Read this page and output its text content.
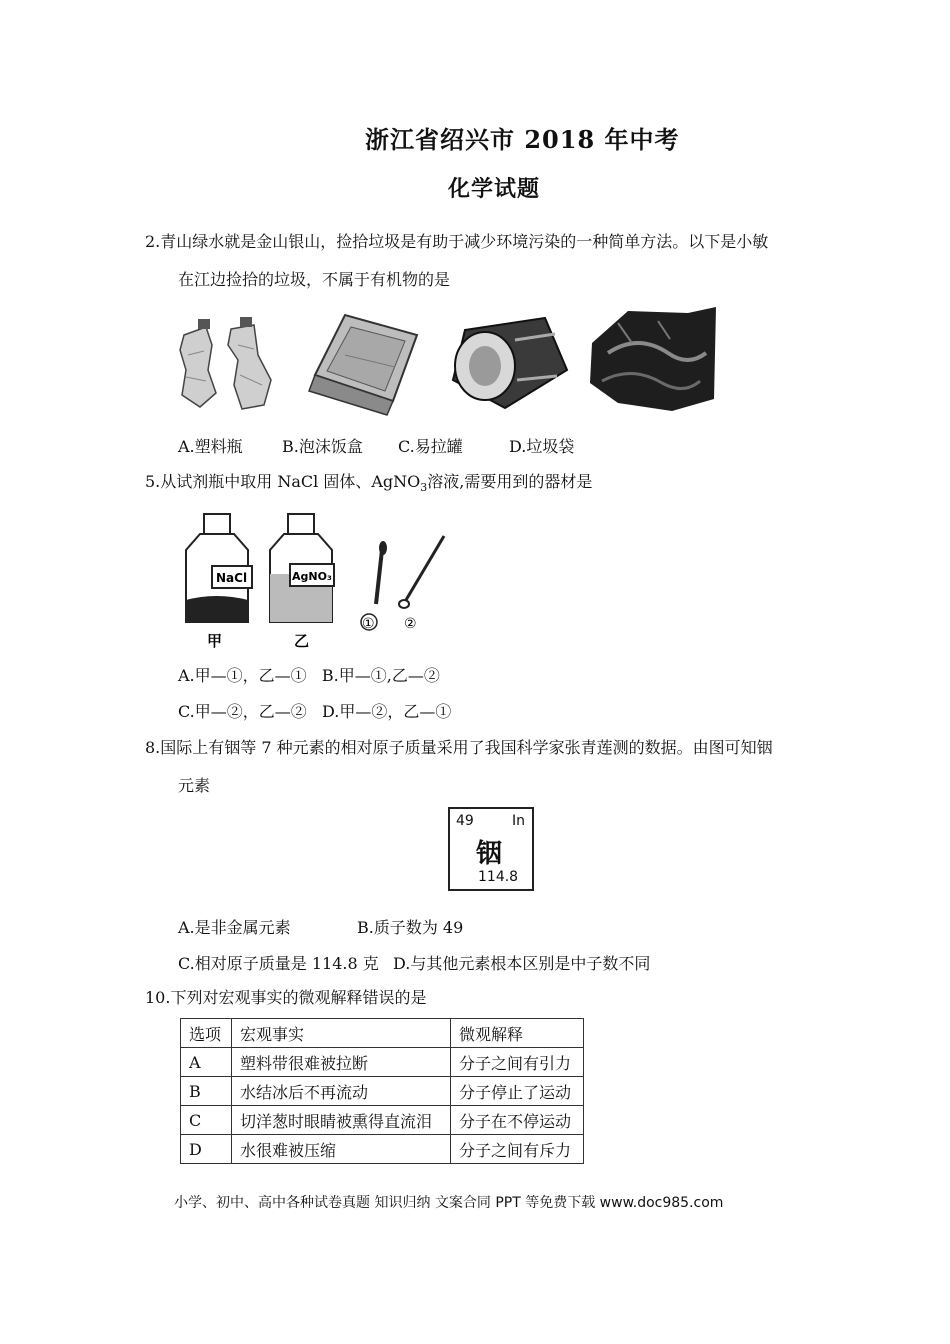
浙江省绍兴市 2018 年中考
化学试题
2.青山绿水就是金山银山，捡拾垃圾是有助于减少环境污染的一种简单方法。以下是小敏
在江边捡拾的垃圾，不属于有机物的是
A.塑料瓶 B.泡沫饭盒 C.易拉罐	D.垃圾袋
5.从试剂瓶中取用 NaCl 固体、AgNO$_3$溶液,需要用到的器材是
NaCl
甲
AgNO₃
乙
① ②
A.甲—①，乙—①   B.甲—①,乙—②
C.甲—②，乙—②   D.甲—②，乙—①
8.国际上有铟等 7 种元素的相对原子质量采用了我国科学家张青莲测的数据。由图可知铟
元素
49	In
铟
114.8
A.是非金属元素	B.质子数为 49
C.相对原子质量是 114.8 克 D.与其他元素根本区别是中子数不同
10.下列对宏观事实的微观解释错误的是
选项	宏观事实	微观解释
A	塑料带很难被拉断	分子之间有引力
B	水结冰后不再流动	分子停止了运动
C	切洋葱时眼睛被熏得直流泪	分子在不停运动
D	水很难被压缩	分子之间有斥力
小学、初中、高中各种试卷真题 知识归纳 文案合同 PPT 等免费下载 www.doc985.com
